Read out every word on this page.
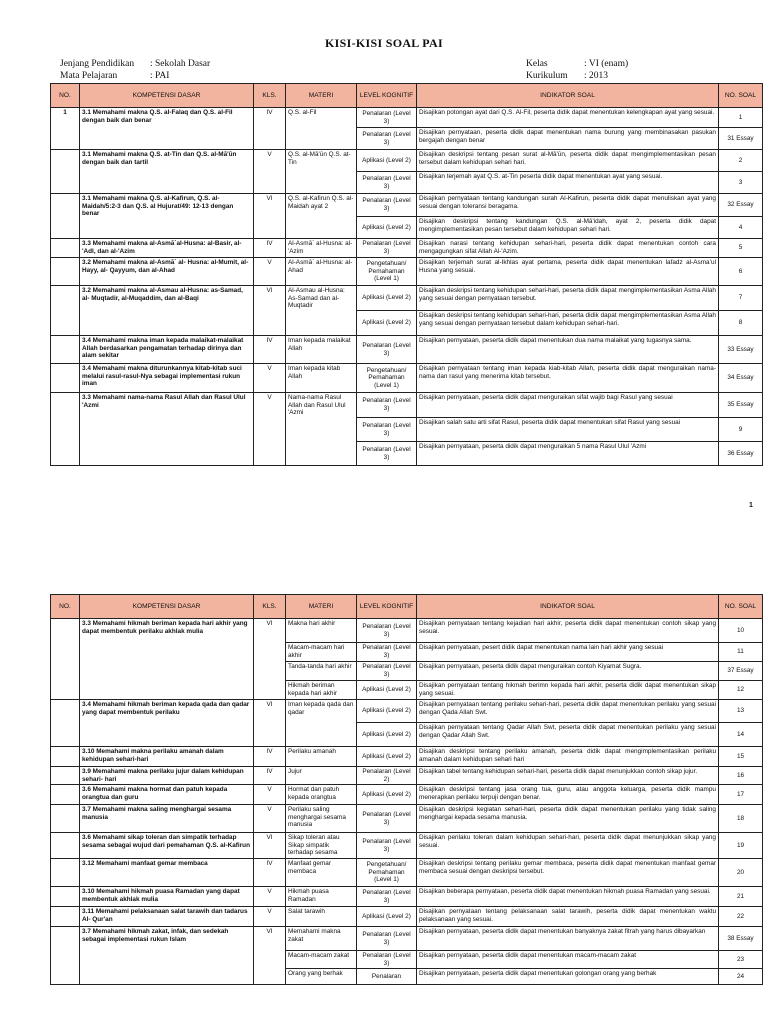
KISI-KISI SOAL PAI
Jenjang Pendidikan	: Sekolah Dasar
Mata Pelajaran	: PAI
Kelas	: VI (enam)
Kurikulum	: 2013
NO.	KOMPETENSI DASAR	KLS.	MATERI	LEVEL KOGNITIF	INDIKATOR SOAL	NO. SOAL
1	3.1 Memahami makna Q.S. al-Falaq dan Q.S. al-Fil dengan baik dan benar	IV	Q.S. al-Fil	Penalaran (Level 3)	Disajikan potongan ayat dari Q.S. Al-Fil, peserta didik dapat menentukan kelengkapan ayat yang sesuai.	1
				Penalaran (Level 3)	Disajikan pernyataan, peserta didik dapat menentukan nama burung yang membinasakan pasukan bergajah dengan benar	31 Essay
	3.1 Memahami makna Q.S. at-Tin dan Q.S. al-Mā'ūn dengan baik dan tartil	V	Q.S. al-Mā'ūn Q.S. at-Tin	Aplikasi (Level 2)	Disajikan deskripsi tentang pesan surat al-Mā'ūn, peserta didik dapat mengimplementasikan pesan tersebut dalam kehidupan sehari hari.	2
				Penalaran (Level 3)	Disajikan terjemah ayat Q.S. at-Tin peserta didik dapat menentukan ayat yang sesuai.	3
	3.1 Memahami makna Q.S. al-Kafirun, Q.S. al-Maidah/5:2-3 dan Q.S. al Hujurat/49: 12-13 dengan benar	VI	Q.S. al-Kafirun Q.S. al-Maidah ayat 2	Penalaran (Level 3)	Disajikan pernyataan tentang kandungan surah Al-Kafirun, peserta didik dapat menuliskan ayat yang sesuai dengan toleransi beragama.	32 Essay
				Aplikasi (Level 2)	Disajikan deskripsi tentang kandungan Q.S. al-Mā'idah, ayat 2, peserta didik dapat mengimplementasikan pesan tersebut dalam kehidupan sehari hari.	4
	3.3 Memahami makna al-Asmā`al-Husna: al-Basir, al-'Adl, dan al-'Azim	IV	Al-Asmā` al-Husna: al-'Azim	Penalaran (Level 3)	Disajikan narasi tentang kehidupan sehari-hari, peserta didik dapat menentukan contoh cara mengagungkan sifat Allah Al-'Azim.	5
	3.2 Memahami makna al-Asmā` al- Husna: al-Mumit, al-Hayy, al- Qayyum, dan al-Ahad	V	Al-Asmā` al-Husna: al-Ahad	Pengetahuan/ Pemahaman (Level 1)	Disajikan terjemah surat al-Ikhlas ayat pertama, peserta didik dapat menentukan lafadz al-Asmaʼul Husna yang sesuai.	6
	3.2 Memahami makna al-Asmau al-Husna: as-Samad, al- Muqtadir, al-Muqaddim, dan al-Baqi	VI	Al-Asmau al-Husna: As-Samad dan al-Muqtadir	Aplikasi (Level 2)	Disajikan deskripsi tentang kehidupan sehari-hari, peserta didik dapat mengimplementasikan Asma Allah yang sesuai dengan pernyataan tersebut.	7
				Aplikasi (Level 2)	Disajikan deskripsi tentang kehidupan sehari-hari, peserta didik dapat mengimplementasikan Asma Allah yang sesuai dengan pernyataan tersebut dalam kehidupan sehari-hari.	8
	3.4 Memahami makna iman kepada malaikat-malaikat Allah berdasarkan pengamatan terhadap dirinya dan alam sekitar	IV	Iman kepada malaikat Allah	Penalaran (Level 3)	Disajikan pernyataan, peserta didik dapat menentukan dua nama malaikat yang tugasnya sama.	33 Essay
	3.4 Memahami makna diturunkannya kitab-kitab suci melalui rasul-rasul-Nya sebagai implementasi rukun iman	V	Iman kepada kitab Allah	Pengetahuan/ Pemahaman (Level 1)	Disajikan pernyataan tentang iman kepada kiab-kitab Allah, peserta didik dapat menguraikan nama-nama dan rasul yang menerima kitab tersebut.	34 Essay
	3.3 Memahami nama-nama Rasul Allah dan Rasul Ulul 'Azmi	V	Nama-nama Rasul Allah dan Rasul Ulul 'Azmi	Penalaran (Level 3)	Disajikan pernyataan, peserta didik dapat menguraikan sifat wajib bagi Rasul yang sesuai	35 Essay
				Penalaran (Level 3)	Disajikan salah satu arti sifat Rasul, peserta didik dapat menentukan sifat Rasul yang sesuai	9
				Penalaran (Level 3)	Disajikan pernyataan, peserta didik dapat menguraikan 5 nama Rasul Ulul 'Azmi	36 Essay
1
NO.	KOMPETENSI DASAR	KLS.	MATERI	LEVEL KOGNITIF	INDIKATOR SOAL	NO. SOAL
	3.3 Memahami hikmah beriman kepada hari akhir yang dapat membentuk perilaku akhlak mulia	VI	Makna hari akhir	Penalaran (Level 3)	Disajikan pernyataan tentang kejadian hari akhir, peserta didik dapat menentukan contoh sikap yang sesuai.	10
			Macam-macam hari akhir	Penalaran (Level 3)	Disajikan pernyataan, pesert didik dapat menentukan nama lain hari akhir yang sesuai	11
			Tanda-tanda hari akhir	Penalaran (Level 3)	Disajikan pernyataan, peserta didik dapat menguraikan contoh Kiyamat Sugra.	37 Essay
			Hikmah beriman kepada hari akhir	Aplikasi (Level 2)	Disajikan pernyataan tentang hikmah berimn kepada hari akhir, peserta didik dapat menentukan sikap yang sesuai.	12
	3.4 Memahami hikmah beriman kepada qada dan qadar yang dapat membentuk perilaku	VI	Iman kepada qada dan qadar	Aplikasi (Level 2)	Disajikan pernyataan tentang perilaku sehari-hari, peserta didik dapat menentukan perilaku yang sesuai dengan Qada Allah Swt.	13
				Aplikasi (Level 2)	Disajikan pernyataan tentang Qadar Allah Swt, peserta didik dapat menentukan perilaku yang sesuai dengan Qadar Allah Swt.	14
	3.10 Memahami makna perilaku amanah dalam kehidupan sehari-hari	IV	Perilaku amanah	Aplikasi (Level 2)	Disajikan deskripsi tentang perilaku amanah, peserta didik dapat mengimplementasikan perilaku amanah dalam kehidupan sehari hari	15
	3.9 Memahami makna perilaku jujur dalam kehidupan sehari- hari	IV	Jujur	Penalaran (Level 2)	Disajikan tabel tentang kehidupan sehari-hari, peserta didik dapat menunjukkan contoh sikap jujur.	16
	3.6 Memahami makna hormat dan patuh kepada orangtua dan guru	V	Hormat dan patuh kepada orangtua	Aplikasi (Level 2)	Disajikan deskripsi tentang jasa orang tua, guru, atau anggota keluarga, peserta didik mampu menerapkan perilaku terpuji dengan benar.	17
	3.7 Memahami makna saling menghargai sesama manusia	V	Perilaku saling menghargai sesama manusia	Penalaran (Level 3)	Disajikan deskripsi kegiatan sehari-hari, peserta didik dapat menentukan perilaku yang tidak saling menghargai kepada sesama manusia.	18
	3.6 Memahami sikap toleran dan simpatik terhadap sesama sebagai wujud dari pemahaman Q.S. al-Kafirun	VI	Sikap toleran atau Sikap simpatik terhadap sesama	Penalaran (Level 3)	Disajikan perilaku toleran dalam kehidupan sehari-hari, peserta didik dapat menunjukkan sikap yang sesuai.	19
	3.12 Memahami manfaat gemar membaca	IV	Manfaat gemar membaca	Pengetahuan/ Pemahaman (Level 1)	Disajikan deskripsi tentang perilaku gemar membaca, peserta didik dapat menentukan manfaat gemar membaca sesuai dengan deskripsi tersebut.	20
	3.10 Memahami hikmah puasa Ramadan yang dapat membentuk akhlak mulia	V	Hikmah puasa Ramadan	Penalaran (Level 3)	Disajikan beberapa pernyataan, peserta didik dapat menentukan hikmah puasa Ramadan yang sesuai.	21
	3.11 Memahami pelaksanaan salat tarawih dan tadarus Al- Qur'an	V	Salat tarawih	Aplikasi (Level 2)	Disajikan pernyataan tentang pelaksanaan salat tarawih, peserta didik dapat menentukan waktu pelaksanaan yang sesuai.	22
	3.7 Memahami hikmah zakat, infak, dan sedekah sebagai implementasi rukun Islam	VI	Memahami makna zakat	Penalaran (Level 3)	Disajikan pernyataan, peserta didik dapat menentukan banyaknya zakat fitrah yang harus dibayarkan	38 Essay
			Macam-macam zakat	Penalaran (Level 3)	Disajikan pernyataan, peserta didik dapat menentukan macam-macam zakat	23
			Orang yang berhak	Penalaran	Disajikan pernyataan, peserta didik dapat menentukan golongan orang yang berhak	24
